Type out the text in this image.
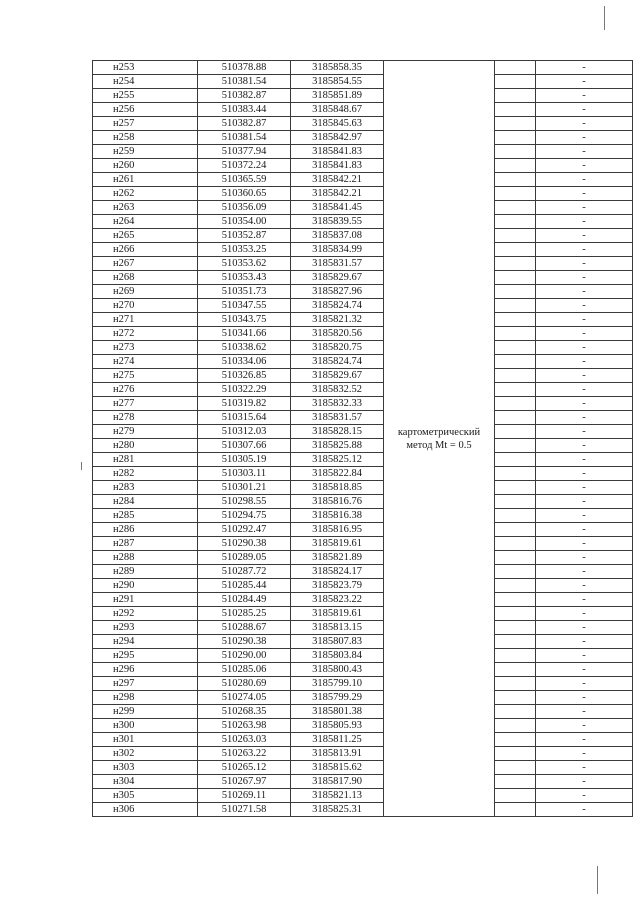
н253	510378.88	3185858.35	картометрический метод Mt = 0.5		-
н254	510381.54	3185854.55			-
н255	510382.87	3185851.89			-
н256	510383.44	3185848.67			-
н257	510382.87	3185845.63			-
н258	510381.54	3185842.97			-
н259	510377.94	3185841.83			-
н260	510372.24	3185841.83			-
н261	510365.59	3185842.21			-
н262	510360.65	3185842.21			-
н263	510356.09	3185841.45			-
н264	510354.00	3185839.55			-
н265	510352.87	3185837.08			-
н266	510353.25	3185834.99			-
н267	510353.62	3185831.57			-
н268	510353.43	3185829.67			-
н269	510351.73	3185827.96			-
н270	510347.55	3185824.74			-
н271	510343.75	3185821.32			-
н272	510341.66	3185820.56			-
н273	510338.62	3185820.75			-
н274	510334.06	3185824.74			-
н275	510326.85	3185829.67			-
н276	510322.29	3185832.52			-
н277	510319.82	3185832.33			-
н278	510315.64	3185831.57			-
н279	510312.03	3185828.15			-
н280	510307.66	3185825.88			-
н281	510305.19	3185825.12			-
н282	510303.11	3185822.84			-
н283	510301.21	3185818.85			-
н284	510298.55	3185816.76			-
н285	510294.75	3185816.38			-
н286	510292.47	3185816.95			-
н287	510290.38	3185819.61			-
н288	510289.05	3185821.89			-
н289	510287.72	3185824.17			-
н290	510285.44	3185823.79			-
н291	510284.49	3185823.22			-
н292	510285.25	3185819.61			-
н293	510288.67	3185813.15			-
н294	510290.38	3185807.83			-
н295	510290.00	3185803.84			-
н296	510285.06	3185800.43			-
н297	510280.69	3185799.10			-
н298	510274.05	3185799.29			-
н299	510268.35	3185801.38			-
н300	510263.98	3185805.93			-
н301	510263.03	3185811.25			-
н302	510263.22	3185813.91			-
н303	510265.12	3185815.62			-
н304	510267.97	3185817.90			-
н305	510269.11	3185821.13			-
н306	510271.58	3185825.31			-
